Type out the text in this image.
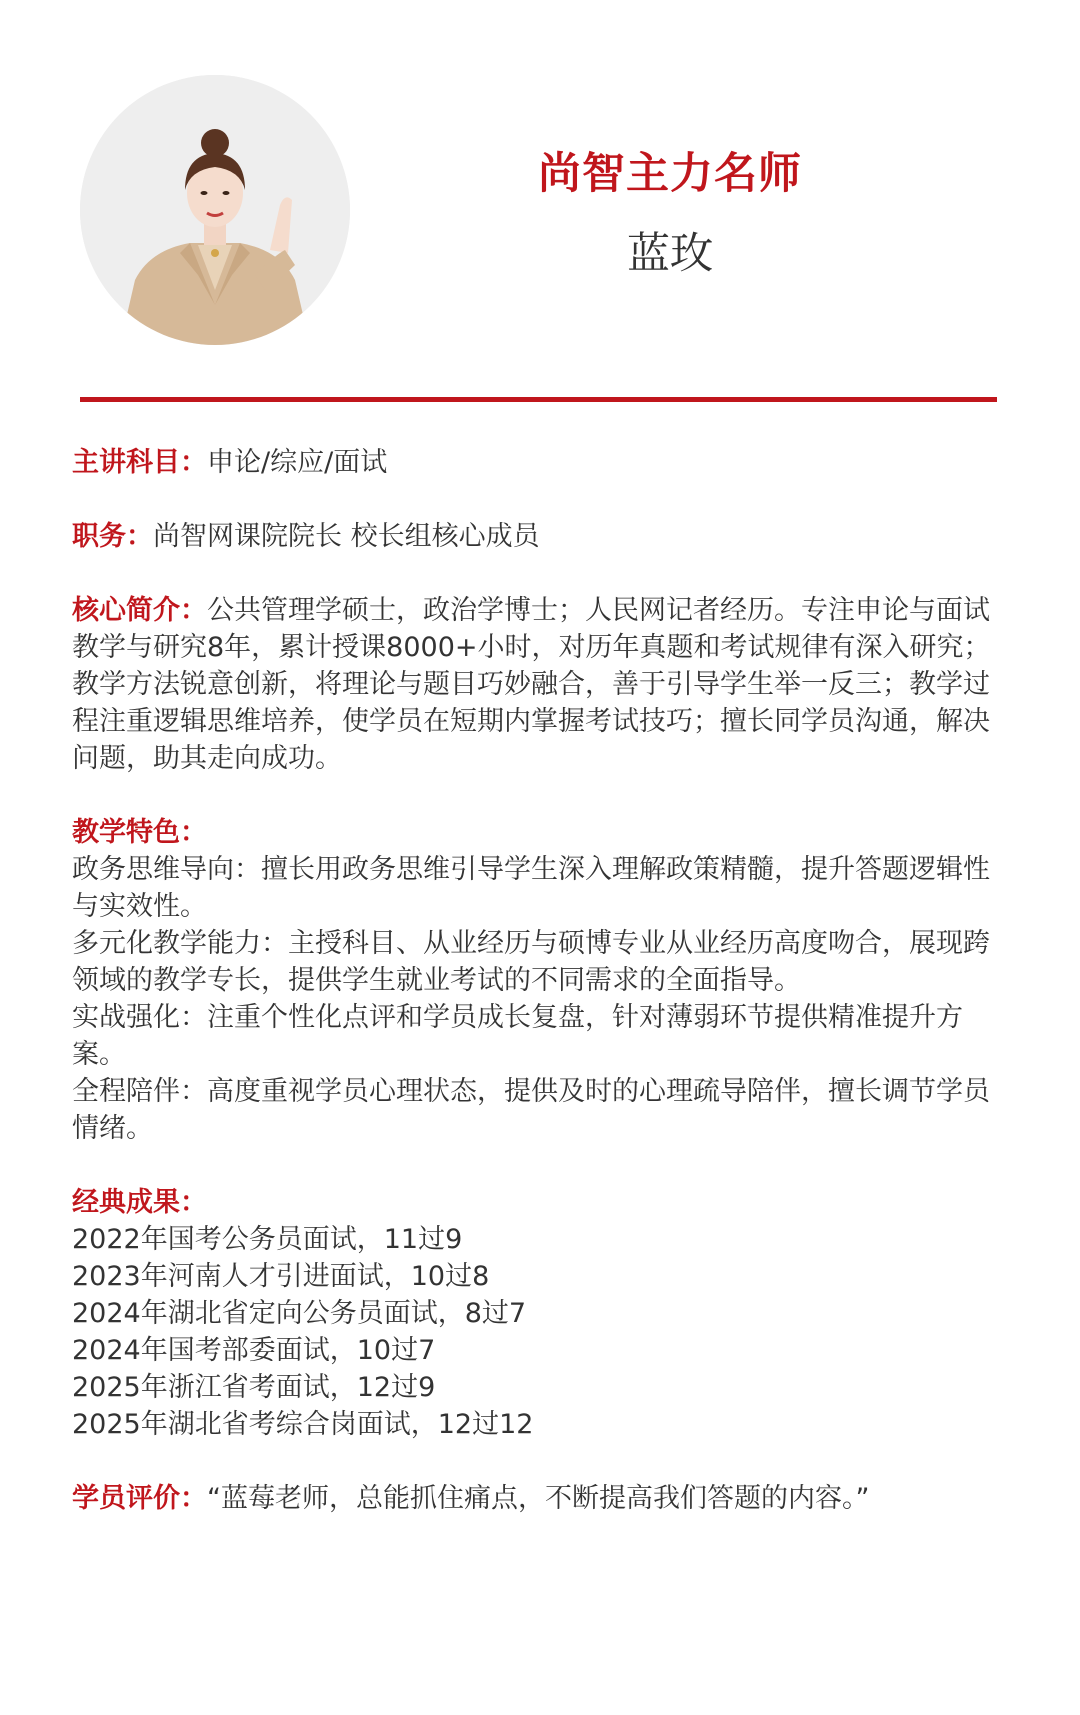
尚智主力名师
蓝玫

主讲科目：申论/综应/面试

职务：尚智网课院院长 校长组核心成员

核心简介：公共管理学硕士，政治学博士；人民网记者经历。专注申论与面试教学与研究8年，累计授课8000+小时，对历年真题和考试规律有深入研究；教学方法锐意创新，将理论与题目巧妙融合，善于引导学生举一反三；教学过程注重逻辑思维培养，使学员在短期内掌握考试技巧；擅长同学员沟通，解决问题，助其走向成功。

教学特色：
政务思维导向：擅长用政务思维引导学生深入理解政策精髓，提升答题逻辑性与实效性。
多元化教学能力：主授科目、从业经历与硕博专业从业经历高度吻合，展现跨领域的教学专长，提供学生就业考试的不同需求的全面指导。
实战强化：注重个性化点评和学员成长复盘，针对薄弱环节提供精准提升方案。
全程陪伴：高度重视学员心理状态，提供及时的心理疏导陪伴，擅长调节学员情绪。
经典成果：
2022年国考公务员面试，11过9
2023年河南人才引进面试，10过8
2024年湖北省定向公务员面试，8过7
2024年国考部委面试，10过7
2025年浙江省考面试，12过9
2025年湖北省考综合岗面试，12过12

学员评价：“蓝莓老师，总能抓住痛点，不断提高我们答题的内容。”
